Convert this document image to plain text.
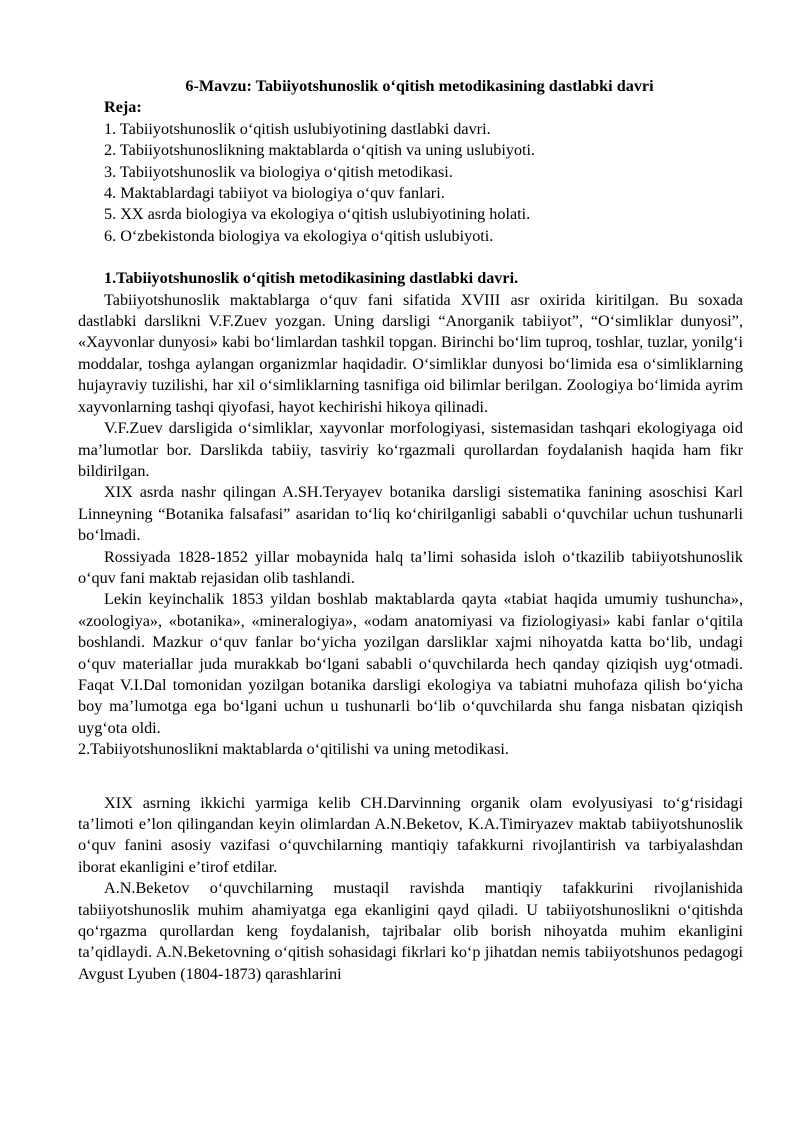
6-Mavzu: Tabiiyotshunoslik o‘qitish metodikasining dastlabki davri
Reja:
1. Tabiiyotshunoslik o‘qitish uslubiyotining dastlabki davri.
2. Tabiiyotshunoslikning maktablarda o‘qitish va uning uslubiyoti.
3. Tabiiyotshunoslik va biologiya o‘qitish metodikasi.
4. Maktablardagi tabiiyot va biologiya o‘quv fanlari.
5. XX asrda biologiya va ekologiya o‘qitish uslubiyotining holati.
6. O‘zbekistonda biologiya va ekologiya o‘qitish uslubiyoti.
1.Tabiiyotshunoslik o‘qitish metodikasining dastlabki davri.

Tabiiyotshunoslik maktablarga o‘quv fani sifatida XVIII asr oxirida kiritilgan. Bu soxada dastlabki darslikni V.F.Zuev yozgan. Uning darsligi “Anorganik tabiiyot”, “O‘simliklar dunyosi”, «Xayvonlar dunyosi» kabi bo‘limlardan tashkil topgan. Birinchi bo‘lim tuproq, toshlar, tuzlar, yonilg‘i moddalar, toshga aylangan organizmlar haqidadir. O‘simliklar dunyosi bo‘limida esa o‘simliklarning hujayraviy tuzilishi, har xil o‘simliklarning tasnifiga oid bilimlar berilgan. Zoologiya bo‘limida ayrim xayvonlarning tashqi qiyofasi, hayot kechirishi hikoya qilinadi.

V.F.Zuev darsligida o‘simliklar, xayvonlar morfologiyasi, sistemasidan tashqari ekologiyaga oid ma’lumotlar bor. Darslikda tabiiy, tasviriy ko‘rgazmali qurollardan foydalanish haqida ham fikr bildirilgan.

XIX asrda nashr qilingan A.SH.Teryayev botanika darsligi sistematika fanining asoschisi Karl Linneyning “Botanika falsafasi” asaridan to‘liq ko‘chirilganligi sababli o‘quvchilar uchun tushunarli bo‘lmadi.

Rossiyada 1828-1852 yillar mobaynida halq ta’limi sohasida isloh o‘tkazilib tabiiyotshunoslik o‘quv fani maktab rejasidan olib tashlandi.

Lekin keyinchalik 1853 yildan boshlab maktablarda qayta «tabiat haqida umumiy tushuncha», «zoologiya», «botanika», «mineralogiya», «odam anatomiyasi va fiziologiyasi» kabi fanlar o‘qitila boshlandi. Mazkur o‘quv fanlar bo‘yicha yozilgan darsliklar xajmi nihoyatda katta bo‘lib, undagi o‘quv materiallar juda murakkab bo‘lgani sababli o‘quvchilarda hech qanday qiziqish uyg‘otmadi. Faqat V.I.Dal tomonidan yozilgan botanika darsligi ekologiya va tabiatni muhofaza qilish bo‘yicha boy ma’lumotga ega bo‘lgani uchun u tushunarli bo‘lib o‘quvchilarda shu fanga nisbatan qiziqish uyg‘ota oldi.

2.Tabiiyotshunoslikni maktablarda o‘qitilishi va uning metodikasi.

XIX asrning ikkichi yarmiga kelib CH.Darvinning organik olam evolyusiyasi to‘g‘risidagi ta’limoti e’lon qilingandan keyin olimlardan A.N.Beketov, K.A.Timiryazev maktab tabiiyotshunoslik o‘quv fanini asosiy vazifasi o‘quvchilarning mantiqiy tafakkurni rivojlantirish va tarbiyalashdan iborat ekanligini e’tirof etdilar.

A.N.Beketov o‘quvchilarning mustaqil ravishda mantiqiy tafakkurini rivojlanishida tabiiyotshunoslik muhim ahamiyatga ega ekanligini qayd qiladi. U tabiiyotshunoslikni o‘qitishda qo‘rgazma qurollardan keng foydalanish, tajribalar olib borish nihoyatda muhim ekanligini ta’qidlaydi. A.N.Beketovning o‘qitish sohasidagi fikrlari ko‘p jihatdan nemis tabiiyotshunos pedagogi Avgust Lyuben (1804-1873) qarashlarini
